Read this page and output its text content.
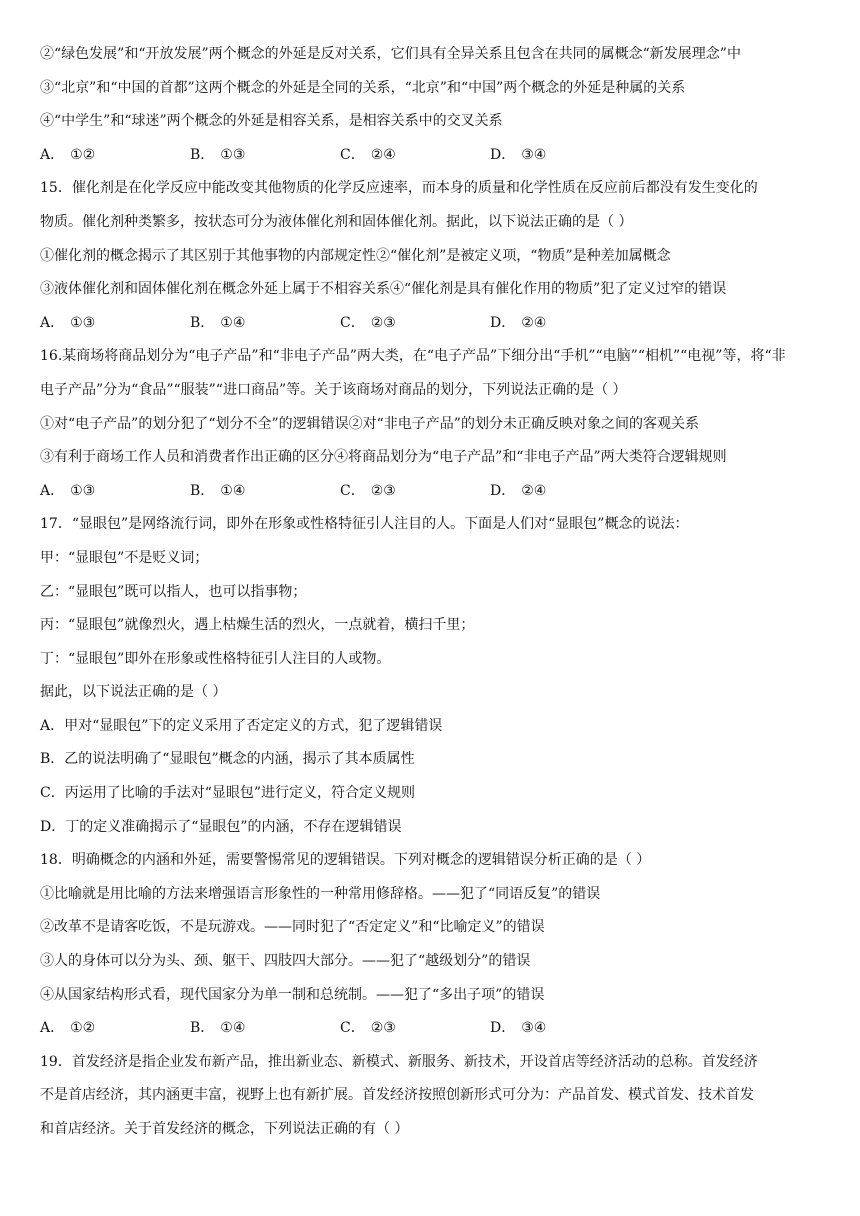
②“绿色发展”和“开放发展”两个概念的外延是反对关系，它们具有全异关系且包含在共同的属概念“新发展理念”中
③“北京”和“中国的首都”这两个概念的外延是全同的关系，“北京”和“中国”两个概念的外延是种属的关系
④“中学生”和“球迷”两个概念的外延是相容关系，是相容关系中的交叉关系
A． ①②	B． ①③	C． ②④	D． ③④
15．催化剂是在化学反应中能改变其他物质的化学反应速率，而本身的质量和化学性质在反应前后都没有发生变化的
物质。催化剂种类繁多，按状态可分为液体催化剂和固体催化剂。据此，以下说法正确的是（ ）
①催化剂的概念揭示了其区别于其他事物的内部规定性②“催化剂”是被定义项，“物质”是种差加属概念
③液体催化剂和固体催化剂在概念外延上属于不相容关系④“催化剂是具有催化作用的物质”犯了定义过窄的错误
A． ①③	B． ①④	C． ②③	D． ②④
16.某商场将商品划分为“电子产品”和“非电子产品”两大类，在“电子产品”下细分出“手机”“电脑”“相机”“电视”等，将“非
电子产品”分为“食品”“服装”“进口商品”等。关于该商场对商品的划分，下列说法正确的是（ ）
①对“电子产品”的划分犯了“划分不全”的逻辑错误②对“非电子产品”的划分未正确反映对象之间的客观关系
③有利于商场工作人员和消费者作出正确的区分④将商品划分为“电子产品”和“非电子产品”两大类符合逻辑规则
A． ①③	B． ①④	C． ②③	D． ②④
17．“显眼包”是网络流行词，即外在形象或性格特征引人注目的人。下面是人们对“显眼包”概念的说法：
甲：“显眼包”不是贬义词；
乙：“显眼包”既可以指人，也可以指事物；
丙：“显眼包”就像烈火，遇上枯燥生活的烈火，一点就着，横扫千里；
丁：“显眼包”即外在形象或性格特征引人注目的人或物。
据此，以下说法正确的是（ ）
A．甲对“显眼包”下的定义采用了否定定义的方式，犯了逻辑错误
B．乙的说法明确了“显眼包”概念的内涵，揭示了其本质属性
C．丙运用了比喻的手法对“显眼包”进行定义，符合定义规则
D．丁的定义准确揭示了“显眼包”的内涵，不存在逻辑错误
18．明确概念的内涵和外延，需要警惕常见的逻辑错误。下列对概念的逻辑错误分析正确的是（ ）
①比喻就是用比喻的方法来增强语言形象性的一种常用修辞格。——犯了“同语反复”的错误
②改革不是请客吃饭，不是玩游戏。——同时犯了“否定定义”和“比喻定义”的错误
③人的身体可以分为头、颈、躯干、四肢四大部分。——犯了“越级划分”的错误
④从国家结构形式看，现代国家分为单一制和总统制。——犯了“多出子项”的错误
A． ①②	B． ①④	C． ②③	D． ③④
19．首发经济是指企业发布新产品，推出新业态、新模式、新服务、新技术，开设首店等经济活动的总称。首发经济
不是首店经济，其内涵更丰富，视野上也有新扩展。首发经济按照创新形式可分为：产品首发、模式首发、技术首发
和首店经济。关于首发经济的概念，下列说法正确的有（ ）
